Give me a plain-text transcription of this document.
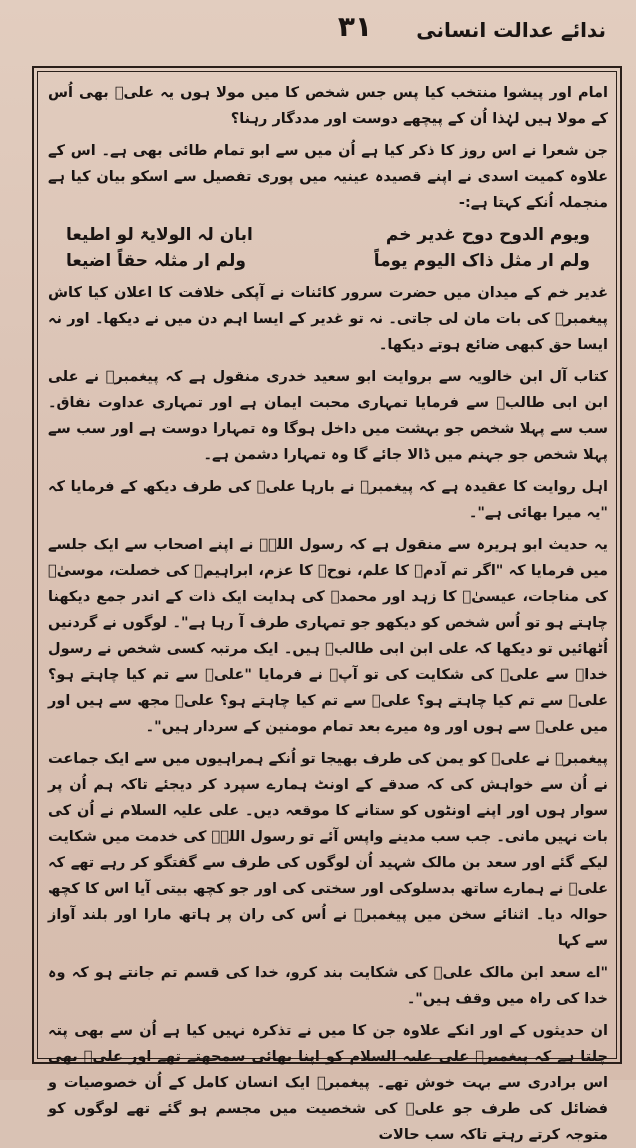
۳۱	ندائے عدالت انسانی

امام اور پیشوا منتخب کیا پس جس شخص کا میں مولا ہوں یہ علیؑ بھی اُس کے مولا ہیں لہٰذا اُن کے پیچھے دوست اور مددگار رہنا؟

جن شعرا نے اس روز کا ذکر کیا ہے اُن میں سے ابو تمام طائی بھی ہے۔ اس کے علاوہ کمیت اسدی نے اپنے قصیدہ عینیہ میں پوری تفصیل سے اسکو بیان کیا ہے منجملہ اُنکے کہتا ہے:-

ویوم الدوح دوح غدیر خم
ابان لہ الولایۃ لو اطیعا
ولم ار مثل ذاک الیوم یوماً
ولم ار مثلہ حقاً اضیعا

غدیر خم کے میدان میں حضرت سرور کائنات نے آپکی خلافت کا اعلان کیا کاش پیغمبرؐ کی بات مان لی جاتی۔ نہ تو غدیر کے ایسا اہم دن میں نے دیکھا۔ اور نہ ایسا حق کبھی ضائع ہوتے دیکھا۔

کتاب آل ابن خالویہ سے بروایت ابو سعید خدری منقول ہے کہ پیغمبرؐ نے علی ابن ابی طالبؑ سے فرمایا تمہاری محبت ایمان ہے اور تمہاری عداوت نفاق۔ سب سے پہلا شخص جو بہشت میں داخل ہوگا وہ تمہارا دوست ہے اور سب سے پہلا شخص جو جہنم میں ڈالا جائے گا وہ تمہارا دشمن ہے۔

اہل روایت کا عقیدہ ہے کہ پیغمبرؐ نے بارہا علیؑ کی طرف دیکھ کے فرمایا کہ "یہ میرا بھائی ہے"۔

یہ حدیث ابو ہریرہ سے منقول ہے کہ رسول اللہؐ نے اپنے اصحاب سے ایک جلسے میں فرمایا کہ "اگر تم آدمؑ کا علم، نوحؑ کا عزم، ابراہیمؑ کی خصلت، موسیٰؑ کی مناجات، عیسیٰؑ کا زہد اور محمدؐ کی ہدایت ایک ذات کے اندر جمع دیکھنا چاہتے ہو تو اُس شخص کو دیکھو جو تمہاری طرف آ رہا ہے"۔ لوگوں نے گردنیں اُٹھائیں تو دیکھا کہ علی ابن ابی طالبؑ ہیں۔ ایک مرتبہ کسی شخص نے رسول خداؐ سے علیؑ کی شکایت کی تو آپؐ نے فرمایا "علیؑ سے تم کیا چاہتے ہو؟ علیؑ سے تم کیا چاہتے ہو؟ علیؑ سے تم کیا چاہتے ہو؟ علیؑ مجھ سے ہیں اور میں علیؑ سے ہوں اور وہ میرے بعد تمام مومنین کے سردار ہیں"۔

پیغمبرؐ نے علیؑ کو یمن کی طرف بھیجا تو اُنکے ہمراہیوں میں سے ایک جماعت نے اُن سے خواہش کی کہ صدقے کے اونٹ ہمارے سپرد کر دیجئے تاکہ ہم اُن پر سوار ہوں اور اپنے اونٹوں کو ستانے کا موقعہ دیں۔ علی علیہ السلام نے اُن کی بات نہیں مانی۔ جب سب مدینے واپس آئے تو رسول اللہؐ کی خدمت میں شکایت لیکے گئے اور سعد بن مالک شہید اُن لوگوں کی طرف سے گفتگو کر رہے تھے کہ علیؑ نے ہمارے ساتھ بدسلوکی اور سختی کی اور جو کچھ بیتی آیا اس کا کچھ حوالہ دیا۔ اثنائے سخن میں پیغمبرؐ نے اُس کی ران پر ہاتھ مارا اور بلند آواز سے کہا

"اے سعد ابن مالک علیؑ کی شکایت بند کرو، خدا کی قسم تم جانتے ہو کہ وہ خدا کی راہ میں وقف ہیں"۔

ان حدیثوں کے اور انکے علاوہ جن کا میں نے تذکرہ نہیں کیا ہے اُن سے بھی پتہ چلتا ہے کہ پیغمبرؐ علی علیہ السلام کو اپنا بھائی سمجھتے تھے اور علیؑ بھی اس برادری سے بہت خوش تھے۔ پیغمبرؐ ایک انسان کامل کے اُن خصوصیات و فضائل کی طرف جو علیؑ کی شخصیت میں مجسم ہو گئے تھے لوگوں کو متوجہ کرتے رہتے تاکہ سب حالات
